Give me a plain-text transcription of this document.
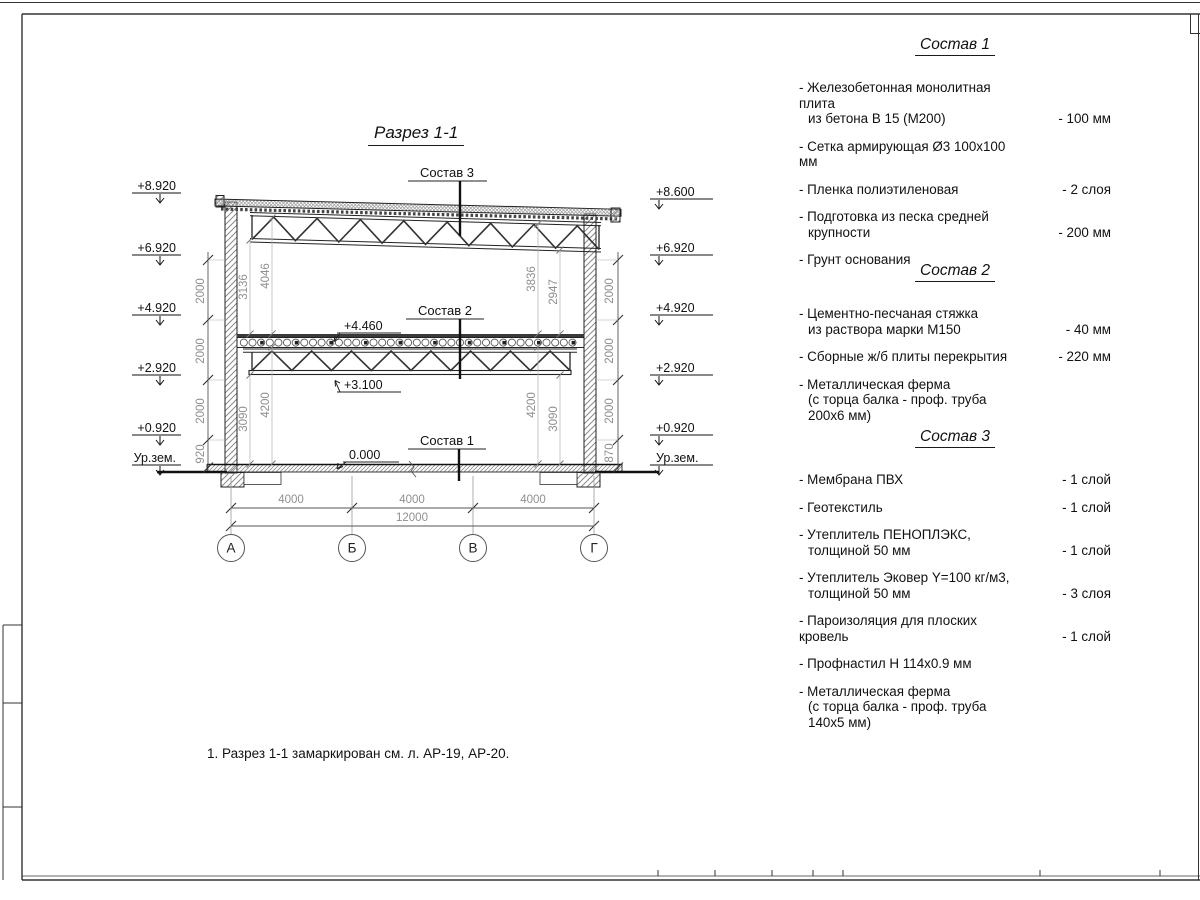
Состав 3
Состав 2
Состав 1
+4.460
+3.100
0.000
+8.920
+6.920
+4.920
+2.920
+0.920
Ур.зем.
+8.600
+6.920
+4.920
+2.920
+0.920
Ур.зем.
2000
2000
2000
920
2000
2000
2000
870
3136 4046
3090
4200
3836
2947
4200
3090
4000	4000	4000
12000
А	Б	В	Г
Разрез 1-1
Состав 1
- Железобетонная монолитная плита
из бетона В 15 (М200)	- 100 мм
- Сетка армирующая Ø3 100х100 мм
- Пленка полиэтиленовая	- 2 слоя
- Подготовка из песка средней
крупности	- 200 мм
- Грунт основания
Состав 2
- Цементно-песчаная стяжка
из раствора марки М150	- 40 мм
- Сборные ж/б плиты перекрытия	- 220 мм
- Металлическая ферма
(с торца балка - проф. труба 200х6 мм)
Состав 3
- Мембрана ПВХ	- 1 слой
- Геотекстиль	- 1 слой
- Утеплитель ПЕНОПЛЭКС,
толщиной 50 мм	- 1 слой
- Утеплитель Эковер Y=100 кг/м3,
толщиной 50 мм	- 3 слоя
- Пароизоляция для плоских кровель	- 1 слой
- Профнастил Н 114х0.9 мм
- Металлическая ферма
(с торца балка - проф. труба 140х5 мм)
1. Разрез 1-1 замаркирован см. л. АР-19, АР-20.
